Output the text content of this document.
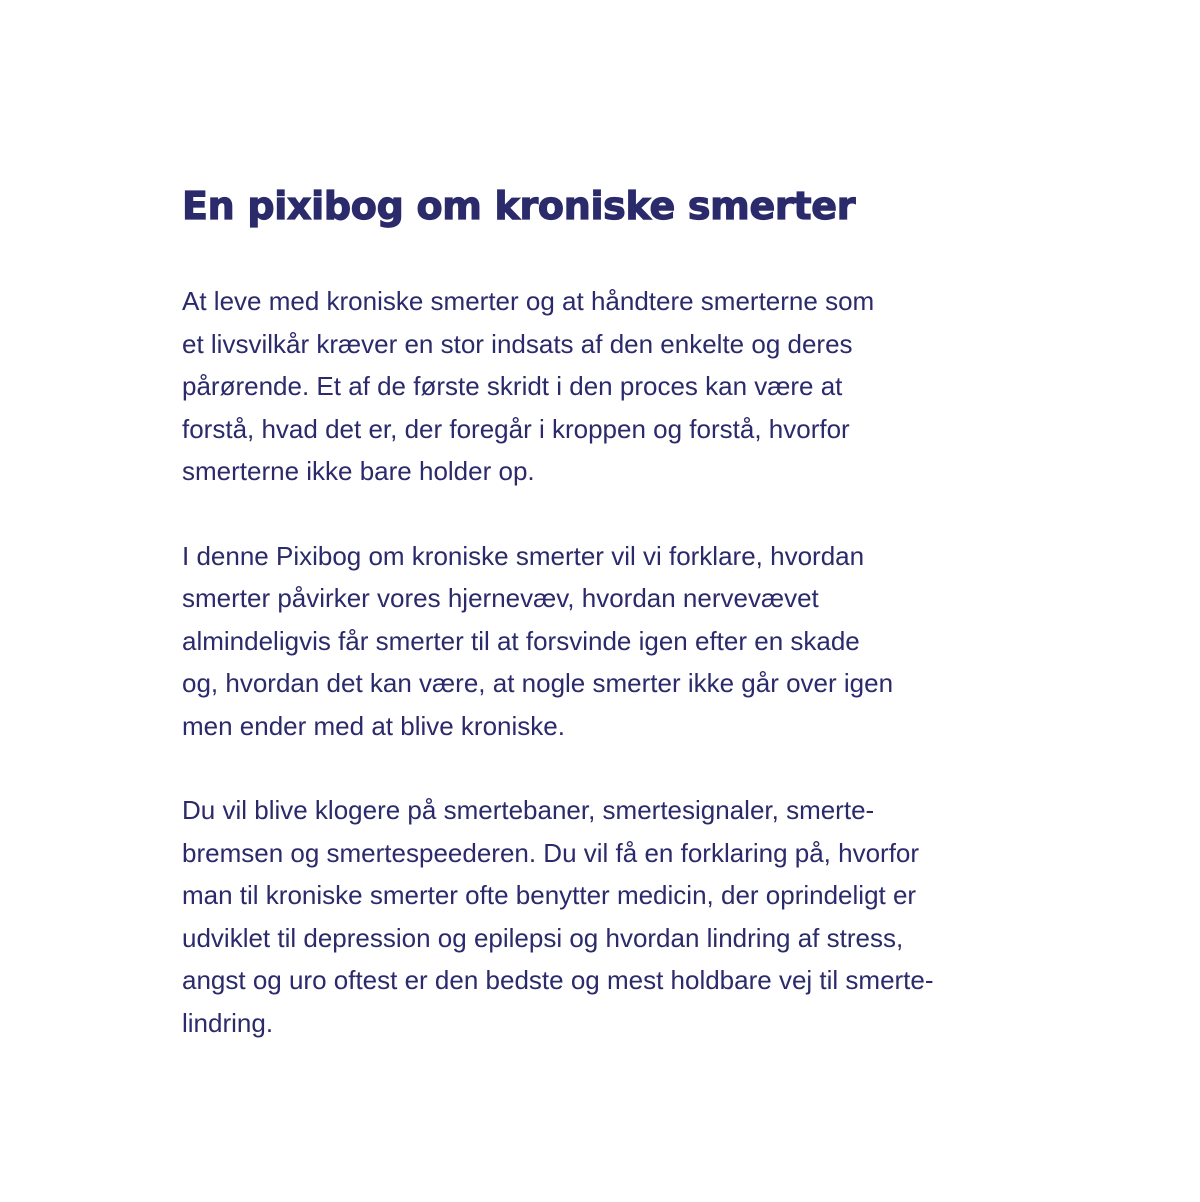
En pixibog om kroniske smerter

At leve med kroniske smerter og at håndtere smerterne som
et livsvilkår kræver en stor indsats af den enkelte og deres
pårørende. Et af de første skridt i den proces kan være at
forstå, hvad det er, der foregår i kroppen og forstå, hvorfor
smerterne ikke bare holder op.

I denne Pixibog om kroniske smerter vil vi forklare, hvordan
smerter påvirker vores hjernevæv, hvordan nervevævet
almindeligvis får smerter til at forsvinde igen efter en skade
og, hvordan det kan være, at nogle smerter ikke går over igen
men ender med at blive kroniske.

Du vil blive klogere på smertebaner, smertesignaler, smerte-
bremsen og smertespeederen. Du vil få en forklaring på, hvorfor
man til kroniske smerter ofte benytter medicin, der oprindeligt er
udviklet til depression og epilepsi og hvordan lindring af stress,
angst og uro oftest er den bedste og mest holdbare vej til smerte-
lindring.
